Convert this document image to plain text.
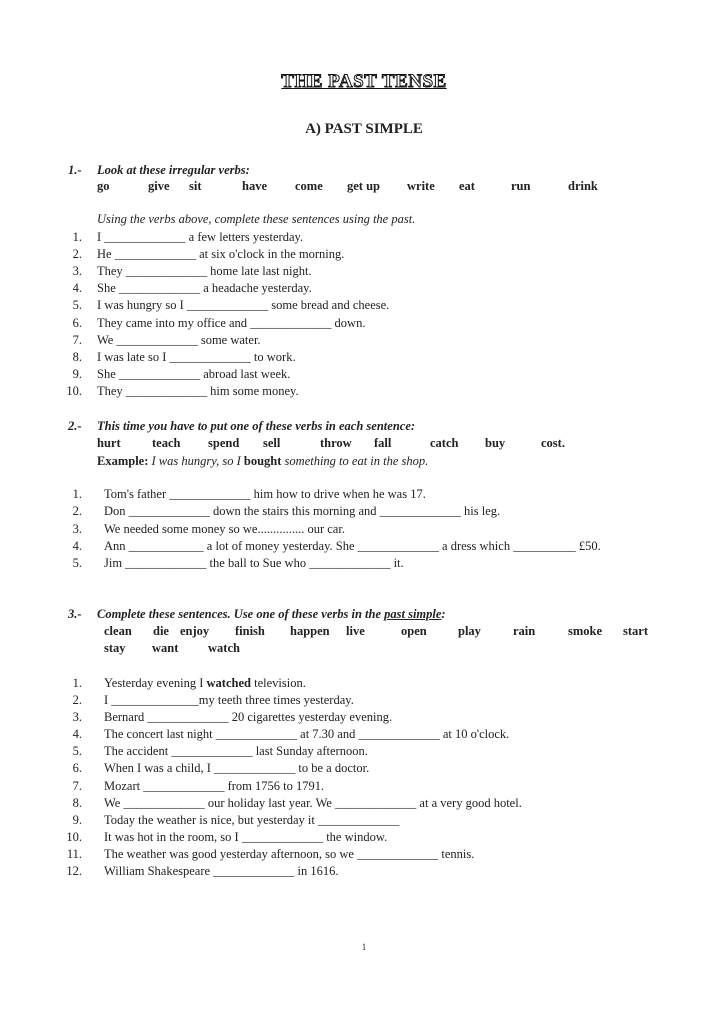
THE PAST TENSE
A) PAST SIMPLE
1.- Look at these irregular verbs:
go	give sit	have come get up write eat	run	drink
Using the verbs above, complete these sentences using the past.
1. I _____________ a few letters yesterday.
2. He _____________ at six o'clock in the morning.
3. They _____________ home late last night.
4. She _____________ a headache yesterday.
5. I was hungry so I _____________ some bread and cheese.
6. They came into my office and _____________ down.
7. We _____________ some water.
8. I was late so I _____________ to work.
9. She _____________ abroad last week.
10. They _____________ him some money.
2.- This time you have to put one of these verbs in each sentence:
hurt	teach spend sell	throw fall	catch buy	cost.
Example: I was hungry, so I bought something to eat in the shop.
1. Tom's father _____________ him how to drive when he was 17.
2. Don _____________ down the stairs this morning and _____________ his leg.
3. We needed some money so we............... our car.
4. Ann ____________ a lot of money yesterday. She _____________ a dress which __________ £50.
5. Jim _____________ the ball to Sue who _____________ it.
3.- Complete these sentences. Use one of these verbs in the past simple:
clean die enjoy finish happen live	open	play	rain	smoke start
stay want watch
1. Yesterday evening I watched television.
2. I ______________my teeth three times yesterday.
3. Bernard _____________ 20 cigarettes yesterday evening.
4. The concert last night _____________ at 7.30 and _____________ at 10 o'clock.
5. The accident _____________ last Sunday afternoon.
6. When I was a child, I _____________ to be a doctor.
7. Mozart _____________ from 1756 to 1791.
8. We _____________ our holiday last year. We _____________ at a very good hotel.
9. Today the weather is nice, but yesterday it _____________
10. It was hot in the room, so I _____________ the window.
11. The weather was good yesterday afternoon, so we _____________ tennis.
12. William Shakespeare _____________ in 1616.
1
